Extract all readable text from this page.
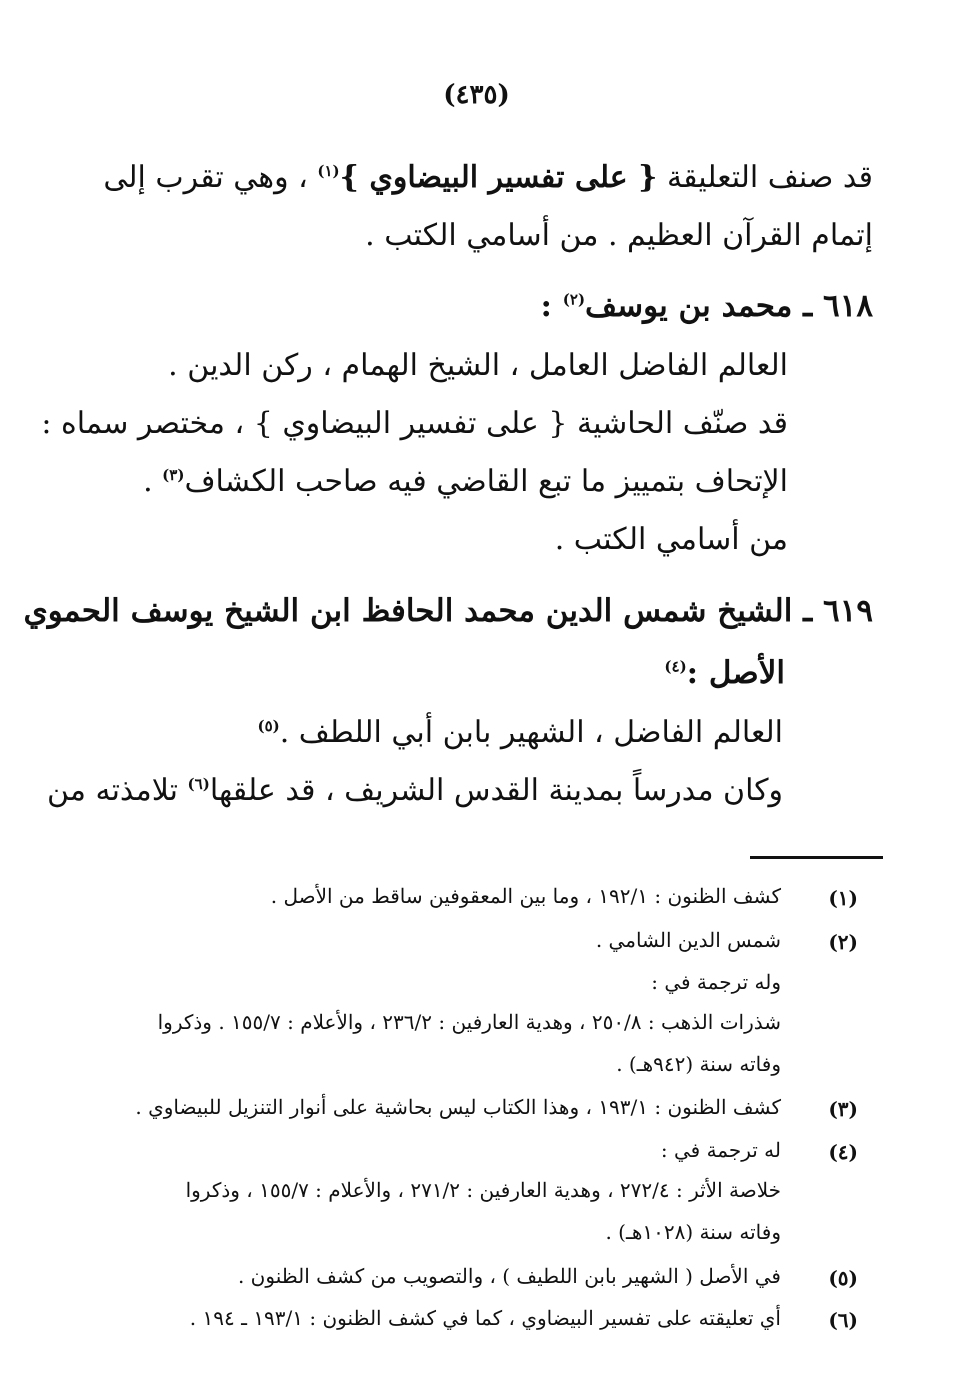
(٤٣٥)
قد صنف التعليقة { على تفسير البيضاوي }$^{(١)}$ ، وهي تقرب إلى
إتمام القرآن العظيم . من أسامي الكتب .
٦١٨ ـ محمد بن يوسف$^{(٢)}$ :
العالم الفاضل العامل ، الشيخ الهمام ، ركن الدين .
قد صنّف الحاشية { على تفسير البيضاوي } ، مختصر سماه :
الإتحاف بتمييز ما تبع القاضي فيه صاحب الكشاف$^{(٣)}$ .
من أسامي الكتب .
٦١٩ ـ الشيخ شمس الدين محمد الحافظ ابن الشيخ يوسف الحموي
الأصل :$^{(٤)}$
العالم الفاضل ، الشهير بابن أبي اللطف .$^{(٥)}$
وكان مدرساً بمدينة القدس الشريف ، قد علقها$^{(٦)}$ تلامذته من
(١)
كشف الظنون : ١٩٢/١ ، وما بين المعقوفين ساقط من الأصل .
(٢)
شمس الدين الشامي .
وله ترجمة في :
شذرات الذهب : ٢٥٠/٨ ، وهدية العارفين : ٢٣٦/٢ ، والأعلام : ١٥٥/٧ . وذكروا
وفاته سنة (٩٤٢هـ) .
(٣)
كشف الظنون : ١٩٣/١ ، وهذا الكتاب ليس بحاشية على أنوار التنزيل للبيضاوي .
(٤)
له ترجمة في :
خلاصة الأثر : ٢٧٢/٤ ، وهدية العارفين : ٢٧١/٢ ، والأعلام : ١٥٥/٧ ، وذكروا
وفاته سنة (١٠٢٨هـ) .
(٥)
في الأصل ( الشهير بابن اللطيف ) ، والتصويب من كشف الظنون .
(٦)
أي تعليقته على تفسير البيضاوي ، كما في كشف الظنون : ١٩٣/١ ـ ١٩٤ .
